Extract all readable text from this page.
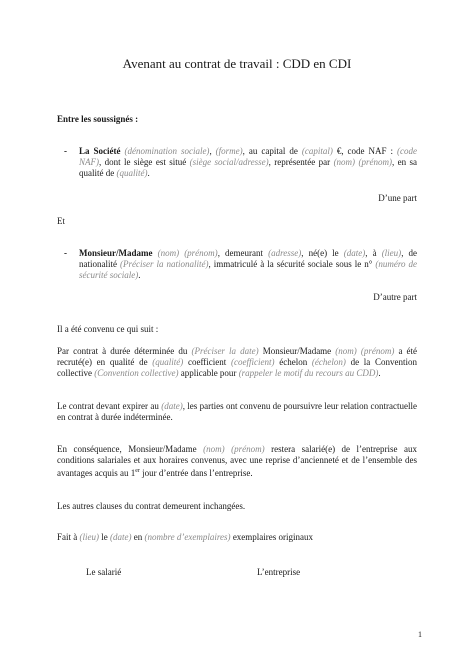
Avenant au contrat de travail : CDD en CDI
Entre les soussignés :
- La Société (dénomination sociale), (forme), au capital de (capital) €, code NAF : (code NAF), dont le siège est situé (siège social/adresse), représentée par (nom) (prénom), en sa qualité de (qualité).
D’une part
Et
- Monsieur/Madame (nom) (prénom), demeurant (adresse), né(e) le (date), à (lieu), de nationalité (Préciser la nationalité), immatriculé à la sécurité sociale sous le n° (numéro de sécurité sociale).
D’autre part
Il a été convenu ce qui suit :
Par contrat à durée déterminée du (Préciser la date) Monsieur/Madame (nom) (prénom) a été recruté(e) en qualité de (qualité) coefficient (coefficient) échelon (échelon) de la Convention collective (Convention collective) applicable pour (rappeler le motif du recours au CDD).
Le contrat devant expirer au (date), les parties ont convenu de poursuivre leur relation contractuelle en contrat à durée indéterminée.
En conséquence, Monsieur/Madame (nom) (prénom) restera salarié(e) de l’entreprise aux conditions salariales et aux horaires convenus, avec une reprise d’ancienneté et de l’ensemble des avantages acquis au 1er jour d’entrée dans l’entreprise.
Les autres clauses du contrat demeurent inchangées.
Fait à (lieu) le (date) en (nombre d’exemplaires) exemplaires originaux
Le salarié	L’entreprise
1
